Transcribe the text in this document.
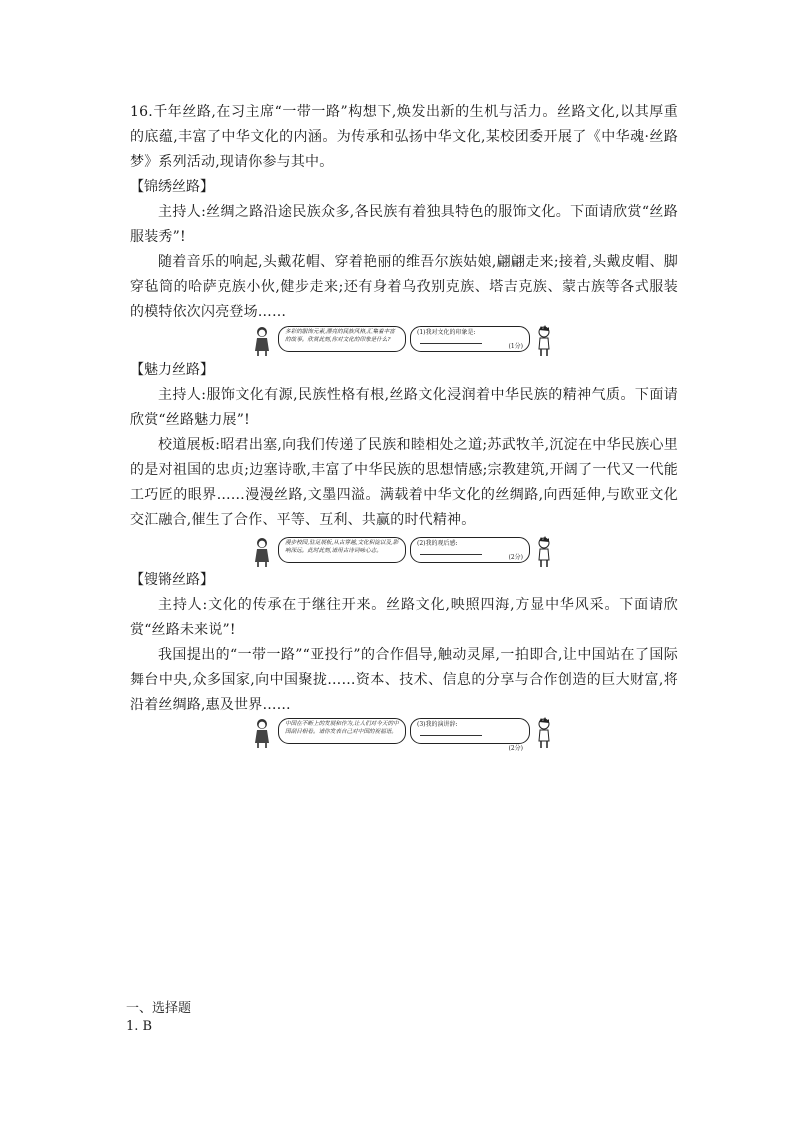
16.千年丝路,在习主席“一带一路”构想下,焕发出新的生机与活力。丝路文化,以其厚重的底蕴,丰富了中华文化的内涵。为传承和弘扬中华文化,某校团委开展了《中华魂·丝路梦》系列活动,现请你参与其中。
【锦绣丝路】
主持人:丝绸之路沿途民族众多,各民族有着独具特色的服饰文化。下面请欣赏“丝路服装秀”!
随着音乐的响起,头戴花帽、穿着艳丽的维吾尔族姑娘,翩翩走来;接着,头戴皮帽、脚穿毡筒的哈萨克族小伙,健步走来;还有身着乌孜别克族、塔吉克族、蒙古族等各式服装的模特依次闪亮登场……
多彩的服饰元素,漂亮的民族风格,汇集着丰富的故事。欣赏此刻,你对文化的印象是什么?
(1)我对文化的印象是:

(1分)
【魅力丝路】
主持人:服饰文化有源,民族性格有根,丝路文化浸润着中华民族的精神气质。下面请欣赏“丝路魅力展”!
校道展板:昭君出塞,向我们传递了民族和睦相处之道;苏武牧羊,沉淀在中华民族心里的是对祖国的忠贞;边塞诗歌,丰富了中华民族的思想情感;宗教建筑,开阔了一代又一代能工巧匠的眼界……漫漫丝路,文墨四溢。满载着中华文化的丝绸路,向西延伸,与欧亚文化交汇融合,催生了合作、平等、互利、共赢的时代精神。
漫步校园,驻足展板,从古穿越,文化积淀以及,影响深远。此时此刻,请用古诗词咏心志。
(2)我的观后感:

(2分)
【锼锵丝路】
主持人:文化的传承在于继往开来。丝路文化,映照四海,方显中华风采。下面请欣赏“丝路未来说”!
我国提出的“一带一路”“亚投行”的合作倡导,触动灵犀,一拍即合,让中国站在了国际舞台中央,众多国家,向中国聚拢……资本、技术、信息的分享与合作创造的巨大财富,将沿着丝绸路,惠及世界……
中国在不断上的发展和作为,让人们对今天的中国刮目相看。请你发表自己对中国的祝福语。
(3)我的演讲辞:

(2分)
一、选择题
1. B
